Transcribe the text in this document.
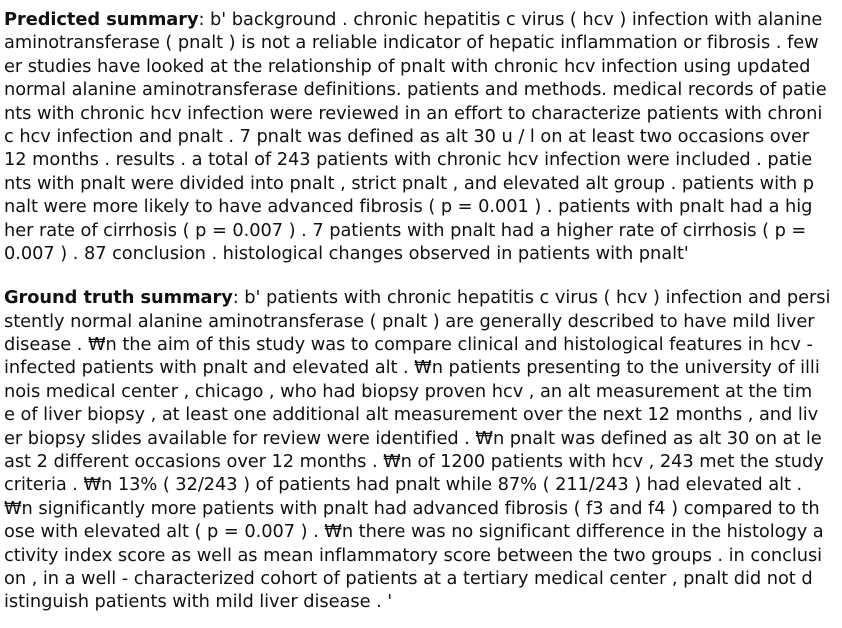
Predicted summary: b' background . chronic hepatitis c virus ( hcv ) infection with alanine
aminotransferase ( pnalt ) is not a reliable indicator of hepatic inflammation or fibrosis . few
er studies have looked at the relationship of pnalt with chronic hcv infection using updated
normal alanine aminotransferase definitions. patients and methods. medical records of patie
nts with chronic hcv infection were reviewed in an effort to characterize patients with chroni
c hcv infection and pnalt . 7 pnalt was defined as alt 30 u / l on at least two occasions over
12 months . results . a total of 243 patients with chronic hcv infection were included . patie
nts with pnalt were divided into pnalt , strict pnalt , and elevated alt group . patients with p
nalt were more likely to have advanced fibrosis ( p = 0.001 ) . patients with pnalt had a hig
her rate of cirrhosis ( p = 0.007 ) . 7 patients with pnalt had a higher rate of cirrhosis ( p =
0.007 ) . 87 conclusion . histological changes observed in patients with pnalt'
Ground truth summary: b' patients with chronic hepatitis c virus ( hcv ) infection and persi
stently normal alanine aminotransferase ( pnalt ) are generally described to have mild liver
disease . ₩n the aim of this study was to compare clinical and histological features in hcv -
infected patients with pnalt and elevated alt . ₩n patients presenting to the university of illi
nois medical center , chicago , who had biopsy proven hcv , an alt measurement at the tim
e of liver biopsy , at least one additional alt measurement over the next 12 months , and liv
er biopsy slides available for review were identified . ₩n pnalt was defined as alt 30 on at le
ast 2 different occasions over 12 months . ₩n of 1200 patients with hcv , 243 met the study
criteria . ₩n 13% ( 32/243 ) of patients had pnalt while 87% ( 211/243 ) had elevated alt .
₩n significantly more patients with pnalt had advanced fibrosis ( f3 and f4 ) compared to th
ose with elevated alt ( p = 0.007 ) . ₩n there was no significant difference in the histology a
ctivity index score as well as mean inflammatory score between the two groups . in conclusi
on , in a well - characterized cohort of patients at a tertiary medical center , pnalt did not d
istinguish patients with mild liver disease . '
